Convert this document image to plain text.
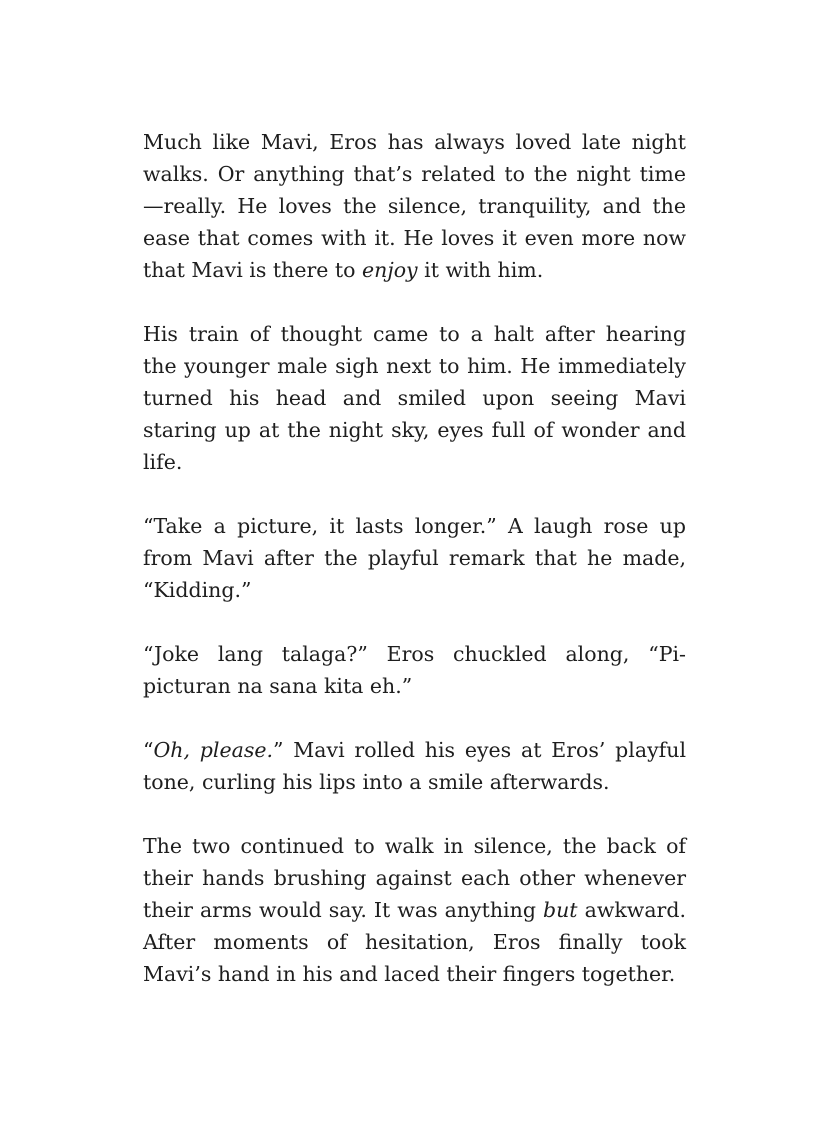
Much like Mavi, Eros has always loved late night walks. Or anything that’s related to the night time—really. He loves the silence, tranquility, and the ease that comes with it. He loves it even more now that Mavi is there to enjoy it with him.

His train of thought came to a halt after hearing the younger male sigh next to him. He immediately turned his head and smiled upon seeing Mavi staring up at the night sky, eyes full of wonder and life.

“Take a picture, it lasts longer.” A laugh rose up from Mavi after the playful remark that he made, “Kidding.”

“Joke lang talaga?” Eros chuckled along, “Pi-picturan na sana kita eh.”

“Oh, please.” Mavi rolled his eyes at Eros’ playful tone, curling his lips into a smile afterwards.

The two continued to walk in silence, the back of their hands brushing against each other whenever their arms would say. It was anything but awkward. After moments of hesitation, Eros finally took Mavi’s hand in his and laced their fingers together.
